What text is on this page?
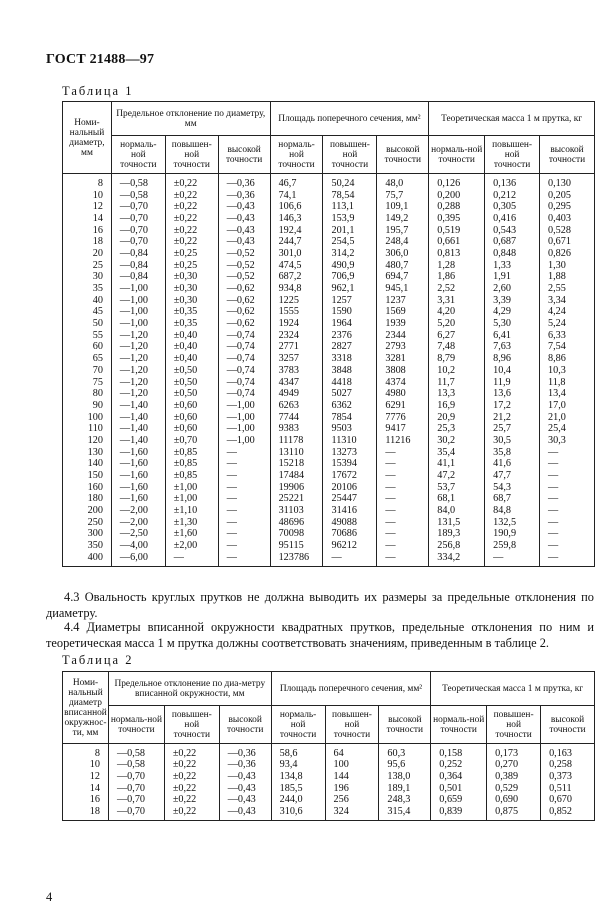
ГОСТ 21488—97
Таблица 1
Номи-нальный диаметр, мм	Предельное отклонение по диаметру, мм			Площадь поперечного сечения, мм²			Теоретическая масса 1 м прутка, кг		
	нормаль-ной точности	повышен-ной точности	высокой точности	нормаль-ной точности	повышен-ной точности	высокой точности	нормаль-ной точности	повышен-ной точности	высокой точности
8	—0,58	±0,22	—0,36	46,7	50,24	48,0	0,126	0,136	0,130
10	—0,58	±0,22	—0,36	74,1	78,54	75,7	0,200	0,212	0,205
12	—0,70	±0,22	—0,43	106,6	113,1	109,1	0,288	0,305	0,295
14	—0,70	±0,22	—0,43	146,3	153,9	149,2	0,395	0,416	0,403
16	—0,70	±0,22	—0,43	192,4	201,1	195,7	0,519	0,543	0,528
18	—0,70	±0,22	—0,43	244,7	254,5	248,4	0,661	0,687	0,671
20	—0,84	±0,25	—0,52	301,0	314,2	306,0	0,813	0,848	0,826
25	—0,84	±0,25	—0,52	474,5	490,9	480,7	1,28	1,33	1,30
30	—0,84	±0,30	—0,52	687,2	706,9	694,7	1,86	1,91	1,88
35	—1,00	±0,30	—0,62	934,8	962,1	945,1	2,52	2,60	2,55
40	—1,00	±0,30	—0,62	1225	1257	1237	3,31	3,39	3,34
45	—1,00	±0,35	—0,62	1555	1590	1569	4,20	4,29	4,24
50	—1,00	±0,35	—0,62	1924	1964	1939	5,20	5,30	5,24
55	—1,20	±0,40	—0,74	2324	2376	2344	6,27	6,41	6,33
60	—1,20	±0,40	—0,74	2771	2827	2793	7,48	7,63	7,54
65	—1,20	±0,40	—0,74	3257	3318	3281	8,79	8,96	8,86
70	—1,20	±0,50	—0,74	3783	3848	3808	10,2	10,4	10,3
75	—1,20	±0,50	—0,74	4347	4418	4374	11,7	11,9	11,8
80	—1,20	±0,50	—0,74	4949	5027	4980	13,3	13,6	13,4
90	—1,40	±0,60	—1,00	6263	6362	6291	16,9	17,2	17,0
100	—1,40	±0,60	—1,00	7744	7854	7776	20,9	21,2	21,0
110	—1,40	±0,60	—1,00	9383	9503	9417	25,3	25,7	25,4
120	—1,40	±0,70	—1,00	11178	11310	11216	30,2	30,5	30,3
130	—1,60	±0,85	—	13110	13273	—	35,4	35,8	—
140	—1,60	±0,85	—	15218	15394	—	41,1	41,6	—
150	—1,60	±0,85	—	17484	17672	—	47,2	47,7	—
160	—1,60	±1,00	—	19906	20106	—	53,7	54,3	—
180	—1,60	±1,00	—	25221	25447	—	68,1	68,7	—
200	—2,00	±1,10	—	31103	31416	—	84,0	84,8	—
250	—2,00	±1,30	—	48696	49088	—	131,5	132,5	—
300	—2,50	±1,60	—	70098	70686	—	189,3	190,9	—
350	—4,00	±2,00	—	95115	96212	—	256,8	259,8	—
400	—6,00	—	—	123786	—	—	334,2	—	—
4.3 Овальность круглых прутков не должна выводить их размеры за предельные отклонения по диаметру.
4.4 Диаметры вписанной окружности квадратных прутков, предельные отклонения по ним и теоретическая масса 1 м прутка должны соответствовать значениям, приведенным в таблице 2.
Таблица 2
Номи-нальный диаметр вписанной окружнос-ти, мм	Предельное отклонение по диа-метру вписанной окружности, мм			Площадь поперечного сечения, мм²			Теоретическая масса 1 м прутка, кг		
	нормаль-ной точности	повышен-ной точности	высокой точности	нормаль-ной точности	повышен-ной точности	высокой точности	нормаль-ной точности	повышен-ной точности	высокой точности
8	—0,58	±0,22	—0,36	58,6	64	60,3	0,158	0,173	0,163
10	—0,58	±0,22	—0,36	93,4	100	95,6	0,252	0,270	0,258
12	—0,70	±0,22	—0,43	134,8	144	138,0	0,364	0,389	0,373
14	—0,70	±0,22	—0,43	185,5	196	189,1	0,501	0,529	0,511
16	—0,70	±0,22	—0,43	244,0	256	248,3	0,659	0,690	0,670
18	—0,70	±0,22	—0,43	310,6	324	315,4	0,839	0,875	0,852
4
